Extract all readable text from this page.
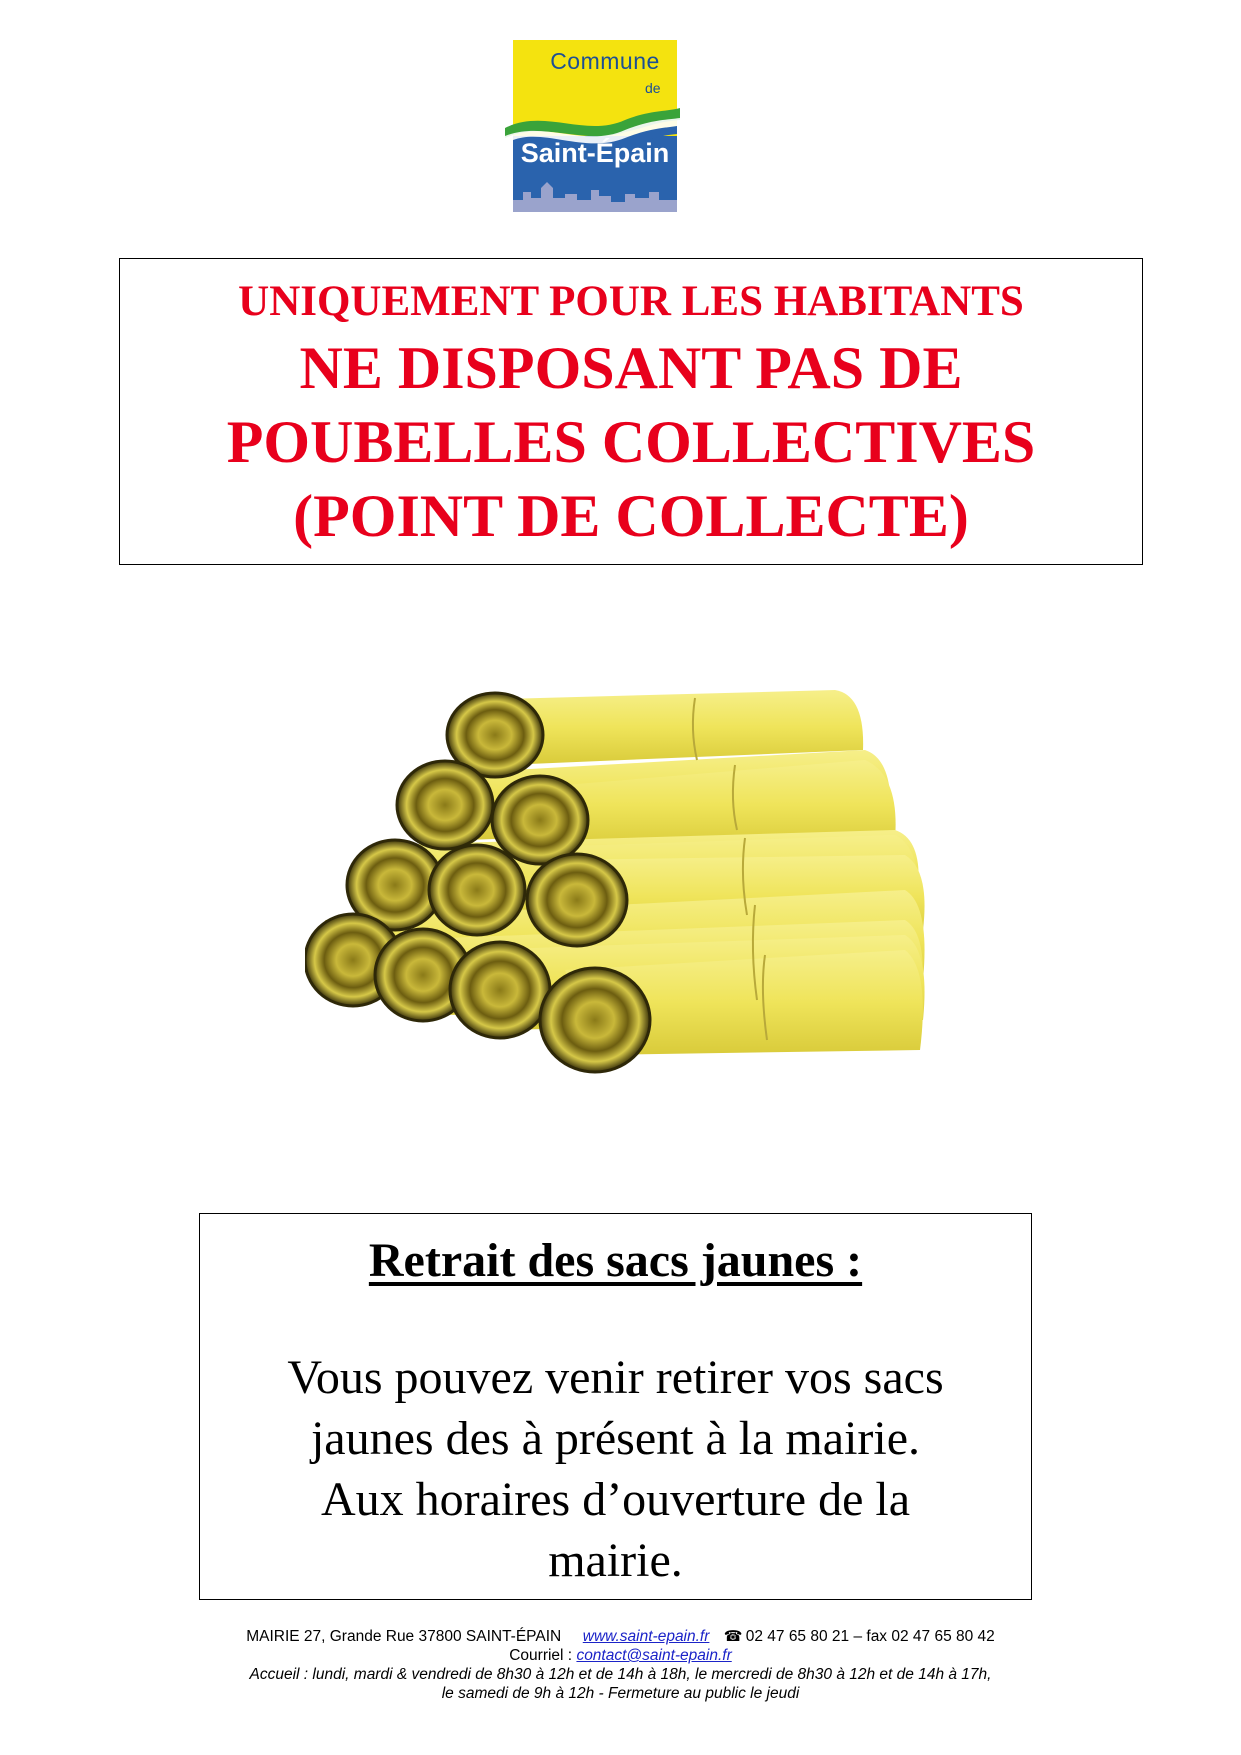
Commune
de
Saint-Épain
UNIQUEMENT POUR LES HABITANTS
NE DISPOSANT PAS DE
POUBELLES COLLECTIVES
(POINT DE COLLECTE)
Retrait des sacs jaunes :
Vous pouvez venir retirer vos sacs
jaunes des à présent à la mairie.
Aux horaires d’ouverture de la
mairie.
MAIRIE 27, Grande Rue 37800 SAINT-ÉPAIN www.saint-epain.fr ☎ 02 47 65 80 21 – fax 02 47 65 80 42
Courriel : contact@saint-epain.fr
Accueil : lundi, mardi & vendredi de 8h30 à 12h et de 14h à 18h, le mercredi de 8h30 à 12h et de 14h à 17h,
le samedi de 9h à 12h - Fermeture au public le jeudi
